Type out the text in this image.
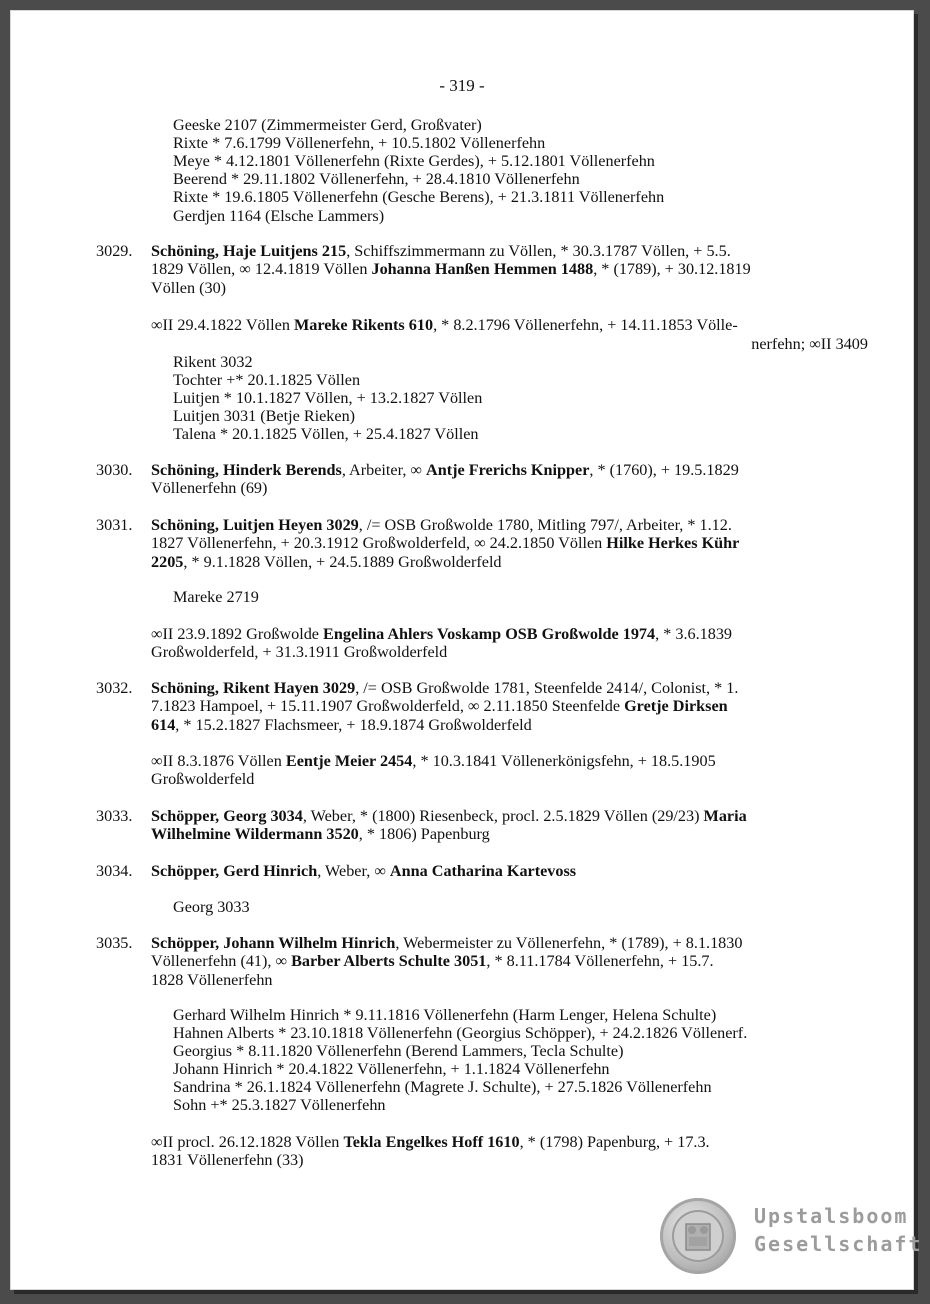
- 319 -
Geeske 2107 (Zimmermeister Gerd, Großvater)
Rixte * 7.6.1799 Völlenerfehn, + 10.5.1802 Völlenerfehn
Meye * 4.12.1801 Völlenerfehn (Rixte Gerdes), + 5.12.1801 Völlenerfehn
Beerend * 29.11.1802 Völlenerfehn, + 28.4.1810 Völlenerfehn
Rixte * 19.6.1805 Völlenerfehn (Gesche Berens), + 21.3.1811 Völlenerfehn
Gerdjen 1164 (Elsche Lammers)
3029.	Schöning, Haje Luitjens 215, Schiffszimmermann zu Völlen, * 30.3.1787 Völlen, + 5.5.
1829 Völlen, ∞ 12.4.1819 Völlen Johanna Hanßen Hemmen 1488, * (1789), + 30.12.1819
Völlen (30)
∞II 29.4.1822 Völlen Mareke Rikents 610, * 8.2.1796 Völlenerfehn, + 14.11.1853 Völle-
nerfehn; ∞II 3409
Rikent 3032
Tochter +* 20.1.1825 Völlen
Luitjen * 10.1.1827 Völlen, + 13.2.1827 Völlen
Luitjen 3031 (Betje Rieken)
Talena * 20.1.1825 Völlen, + 25.4.1827 Völlen
3030.	Schöning, Hinderk Berends, Arbeiter, ∞ Antje Frerichs Knipper, * (1760), + 19.5.1829
Völlenerfehn (69)
3031.	Schöning, Luitjen Heyen 3029, /= OSB Großwolde 1780, Mitling 797/, Arbeiter, * 1.12.
1827 Völlenerfehn, + 20.3.1912 Großwolderfeld, ∞ 24.2.1850 Völlen Hilke Herkes Kühr
2205, * 9.1.1828 Völlen, + 24.5.1889 Großwolderfeld
Mareke 2719
∞II 23.9.1892 Großwolde Engelina Ahlers Voskamp OSB Großwolde 1974, * 3.6.1839
Großwolderfeld, + 31.3.1911 Großwolderfeld
3032.	Schöning, Rikent Hayen 3029, /= OSB Großwolde 1781, Steenfelde 2414/, Colonist, * 1.
7.1823 Hampoel, + 15.11.1907 Großwolderfeld, ∞ 2.11.1850 Steenfelde Gretje Dirksen
614, * 15.2.1827 Flachsmeer, + 18.9.1874 Großwolderfeld
∞II 8.3.1876 Völlen Eentje Meier 2454, * 10.3.1841 Völlenerkönigsfehn, + 18.5.1905
Großwolderfeld
3033.	Schöpper, Georg 3034, Weber, * (1800) Riesenbeck, procl. 2.5.1829 Völlen (29/23) Maria
Wilhelmine Wildermann 3520, * 1806) Papenburg
3034.	Schöpper, Gerd Hinrich, Weber, ∞ Anna Catharina Kartevoss
Georg 3033
3035.	Schöpper, Johann Wilhelm Hinrich, Webermeister zu Völlenerfehn, * (1789), + 8.1.1830
Völlenerfehn (41), ∞ Barber Alberts Schulte 3051, * 8.11.1784 Völlenerfehn, + 15.7.
1828 Völlenerfehn
Gerhard Wilhelm Hinrich * 9.11.1816 Völlenerfehn (Harm Lenger, Helena Schulte)
Hahnen Alberts * 23.10.1818 Völlenerfehn (Georgius Schöpper), + 24.2.1826 Völlenerf.
Georgius * 8.11.1820 Völlenerfehn (Berend Lammers, Tecla Schulte)
Johann Hinrich * 20.4.1822 Völlenerfehn, + 1.1.1824 Völlenerfehn
Sandrina * 26.1.1824 Völlenerfehn (Magrete J. Schulte), + 27.5.1826 Völlenerfehn
Sohn +* 25.3.1827 Völlenerfehn
∞II procl. 26.12.1828 Völlen Tekla Engelkes Hoff 1610, * (1798) Papenburg, + 17.3.
1831 Völlenerfehn (33)
Upstalsboom
Gesellschaft
